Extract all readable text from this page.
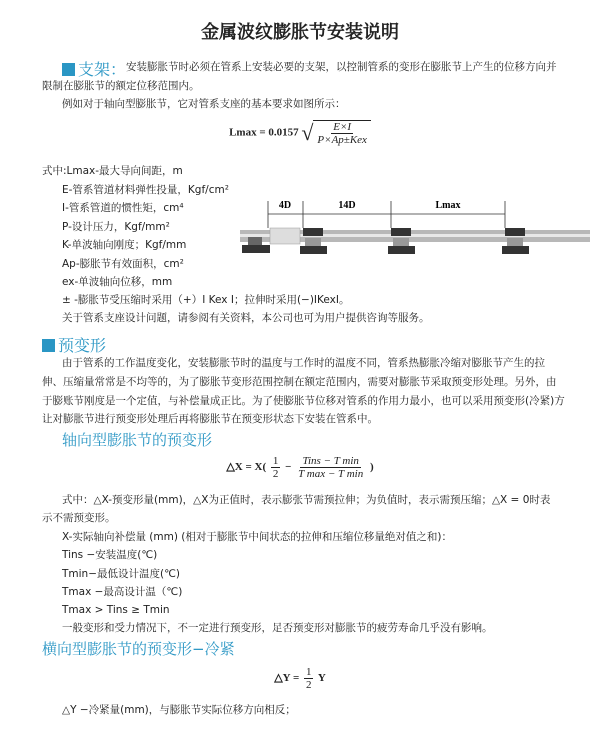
金属波纹膨胀节安装说明
支架： 安装膨胀节时必须在管系上安装必要的支架，以控制管系的变形在膨胀节上产生的位移方向并
限制在膨胀节的额定位移范围内。
例如对于轴向型膨胀节，它对管系支座的基本要求如图所示：
Lmax = 0.0157 √ $\frac{E\times I}{\text{P×Ap±Kex}}$
式中:Lmax-最大导向间距，m
E-管系管道材料弹性投量，Kgf/cm²
I-管系管道的惯性矩，cm⁴
P-设计压力，Kgf/mm²
K-单波轴向刚度；Kgf/mm
Ap-膨胀节有效面积，cm²
ex-单波轴向位移，mm
± -膨胀节受压缩时采用（+）I Kex I；拉伸时采用(−)IKexI。
关于管系支座设计问题，请参阅有关资料，本公司也可为用户提供咨询等服务。
4D	14D	Lmax
预变形
由于管系的工作温度变化，安装膨胀节时的温度与工作时的温度不同，管系热膨胀冷缩对膨胀节产生的拉
伸、压缩量常常是不均等的，为了膨胀节变形范围控制在额定范围内，需要对膨胀节采取预变形处理。另外，由
于膨账节刚度是一个定值，与补偿量成正比。为了使膨胀节位移对管系的作用力最小，也可以采用预变形(冷紧)方
让对膨胀节进行预变形处理后再将膨胀节在预变形状态下安装在管系中。
轴向型膨胀节的预变形
△X = $X( \frac{1}{2} - \frac{\text{Tins − T min}}{\text{T max − T min}}$ )
式中：△X-预变形量(mm)，△X为正值时，表示膨张节需预拉伸；为负值时，表示需预压缩；△X = 0时表
示不需预变形。
X-实际轴向补偿量 (mm) (相对于膨胀节中间状态的拉伸和压缩位移量绝对值之和)：
Tins −安装温度(℃)
Tmin−最低设计温度(℃)
Tmax −最高设计温（℃)
Tmax > Tins ≥ Tmin
一般变形和受力情况下，不一定进行预变形，足否预变形对膨胀节的疲劳寿命几乎没有影响。
横向型膨胀节的预变形−冷紧
△Y = $\frac{1}{2}$ Y
△Y −冷紧量(mm)，与膨胀节实际位移方向相反；
